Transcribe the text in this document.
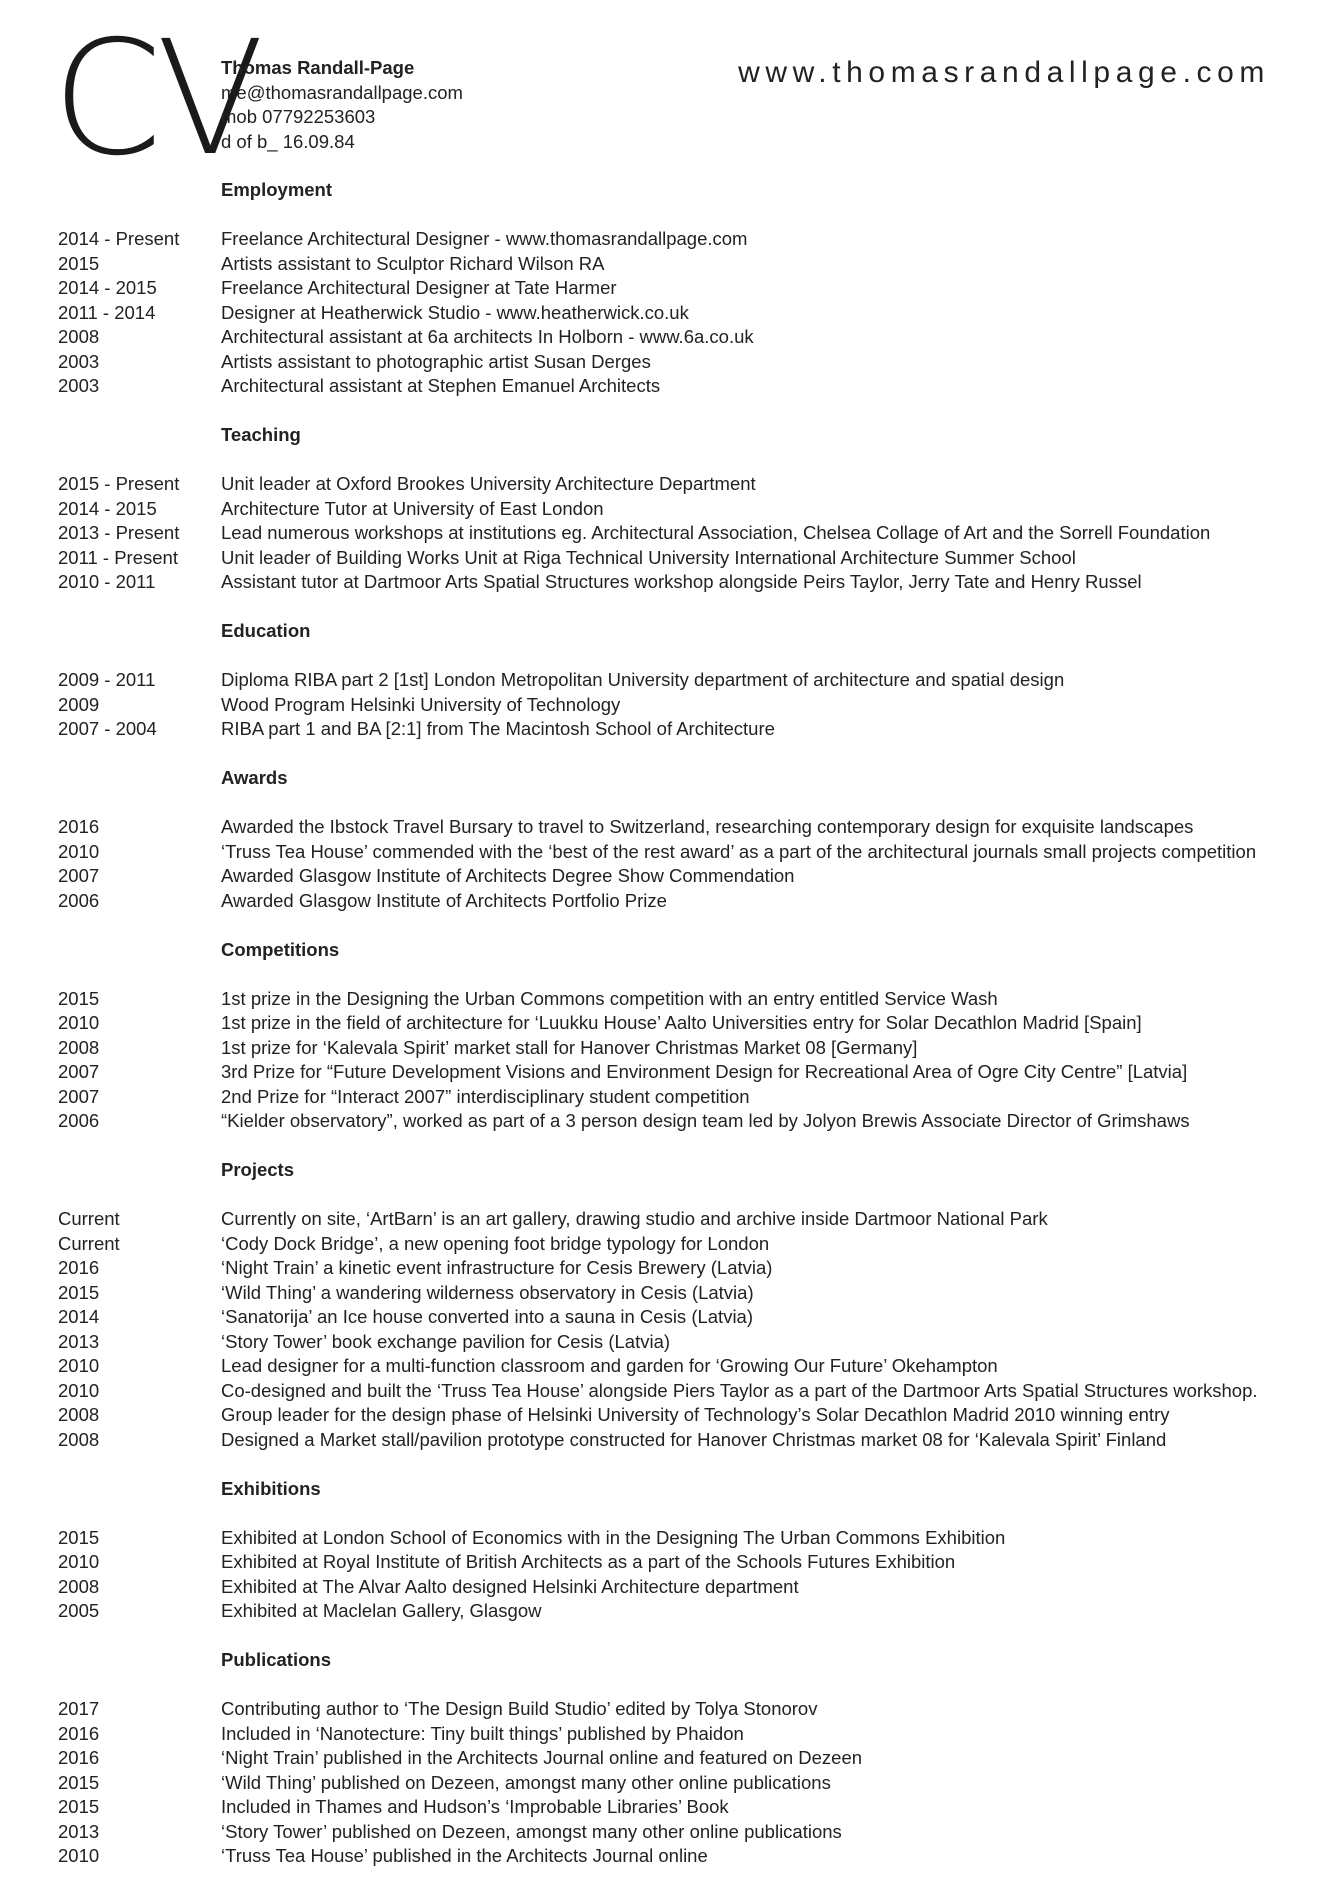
CV
Thomas Randall-Page
me@thomasrandallpage.com
mob 07792253603
d of b_ 16.09.84
www.thomasrandallpage.com
Employment
2014 - Present Freelance Architectural Designer - www.thomasrandallpage.com
2015	Artists assistant to Sculptor Richard Wilson RA
2014 - 2015	Freelance Architectural Designer at Tate Harmer
2011 - 2014	Designer at Heatherwick Studio - www.heatherwick.co.uk
2008	Architectural assistant at 6a architects In Holborn - www.6a.co.uk
2003	Artists assistant to photographic artist Susan Derges
2003	Architectural assistant at Stephen Emanuel Architects
Teaching
2015 - Present Unit leader at Oxford Brookes University Architecture Department
2014 - 2015	Architecture Tutor at University of East London
2013 - Present Lead numerous workshops at institutions eg. Architectural Association, Chelsea Collage of Art and the Sorrell Foundation
2011 - Present Unit leader of Building Works Unit at Riga Technical University International Architecture Summer School
2010 - 2011	Assistant tutor at Dartmoor Arts Spatial Structures workshop alongside Peirs Taylor, Jerry Tate and Henry Russel
Education
2009 - 2011	Diploma RIBA part 2 [1st] London Metropolitan University department of architecture and spatial design
2009	Wood Program Helsinki University of Technology
2007 - 2004	RIBA part 1 and BA [2:1] from The Macintosh School of Architecture
Awards
2016	Awarded the Ibstock Travel Bursary to travel to Switzerland, researching contemporary design for exquisite landscapes
2010	‘Truss Tea House’ commended with the ‘best of the rest award’ as a part of the architectural journals small projects competition
2007	Awarded Glasgow Institute of Architects Degree Show Commendation
2006	Awarded Glasgow Institute of Architects Portfolio Prize
Competitions
2015	1st prize in the Designing the Urban Commons competition with an entry entitled Service Wash
2010	1st prize in the field of architecture for ‘Luukku House’ Aalto Universities entry for Solar Decathlon Madrid [Spain]
2008	1st prize for ‘Kalevala Spirit’ market stall for Hanover Christmas Market 08 [Germany]
2007	3rd Prize for “Future Development Visions and Environment Design for Recreational Area of Ogre City Centre” [Latvia]
2007	2nd Prize for “Interact 2007” interdisciplinary student competition
2006	“Kielder observatory”, worked as part of a 3 person design team led by Jolyon Brewis Associate Director of Grimshaws
Projects
Current	Currently on site, ‘ArtBarn’ is an art gallery, drawing studio and archive inside Dartmoor National Park
Current	‘Cody Dock Bridge’, a new opening foot bridge typology for London
2016	‘Night Train’ a kinetic event infrastructure for Cesis Brewery (Latvia)
2015	‘Wild Thing’ a wandering wilderness observatory in Cesis (Latvia)
2014	‘Sanatorija’ an Ice house converted into a sauna in Cesis (Latvia)
2013	‘Story Tower’ book exchange pavilion for Cesis (Latvia)
2010	Lead designer for a multi-function classroom and garden for ‘Growing Our Future’ Okehampton
2010	Co-designed and built the ‘Truss Tea House’ alongside Piers Taylor as a part of the Dartmoor Arts Spatial Structures workshop.
2008	Group leader for the design phase of Helsinki University of Technology’s Solar Decathlon Madrid 2010 winning entry
2008	Designed a Market stall/pavilion prototype constructed for Hanover Christmas market 08 for ‘Kalevala Spirit’ Finland
Exhibitions
2015	Exhibited at London School of Economics with in the Designing The Urban Commons Exhibition
2010	Exhibited at Royal Institute of British Architects as a part of the Schools Futures Exhibition
2008	Exhibited at The Alvar Aalto designed Helsinki Architecture department
2005	Exhibited at Maclelan Gallery, Glasgow
Publications
2017	Contributing author to ‘The Design Build Studio’ edited by Tolya Stonorov
2016	Included in ‘Nanotecture: Tiny built things’ published by Phaidon
2016	‘Night Train’ published in the Architects Journal online and featured on Dezeen
2015	‘Wild Thing’ published on Dezeen, amongst many other online publications
2015	Included in Thames and Hudson’s ‘Improbable Libraries’ Book
2013	‘Story Tower’ published on Dezeen, amongst many other online publications
2010	‘Truss Tea House’ published in the Architects Journal online
